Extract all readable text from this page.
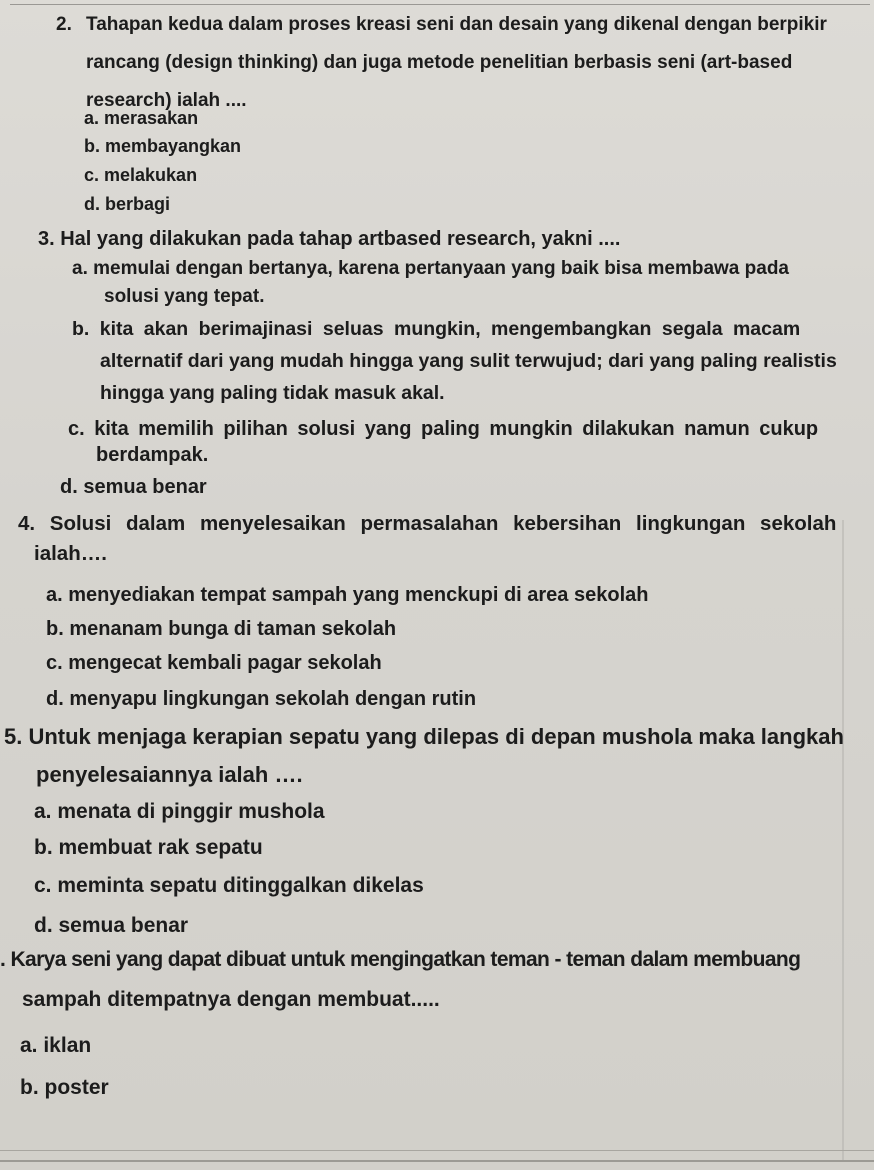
2. Tahapan kedua dalam proses kreasi seni dan desain yang dikenal dengan berpikir
rancang (design thinking) dan juga metode penelitian berbasis seni (art-based
research) ialah ....
a. merasakan
b. membayangkan
c. melakukan
d. berbagi
3. Hal yang dilakukan pada tahap artbased research, yakni ....
a. memulai dengan bertanya, karena pertanyaan yang baik bisa membawa pada
solusi yang tepat.
b. kita akan berimajinasi seluas mungkin, mengembangkan segala macam
alternatif dari yang mudah hingga yang sulit terwujud; dari yang paling realistis
hingga yang paling tidak masuk akal.
c. kita memilih pilihan solusi yang paling mungkin dilakukan namun cukup
berdampak.
d. semua benar
4. Solusi dalam menyelesaikan permasalahan kebersihan lingkungan sekolah
ialah….
a. menyediakan tempat sampah yang menckupi di area sekolah
b. menanam bunga di taman sekolah
c. mengecat kembali pagar sekolah
d. menyapu lingkungan sekolah dengan rutin
5. Untuk menjaga kerapian sepatu yang dilepas di depan mushola maka langkah
penyelesaiannya ialah ….
a. menata di pinggir mushola
b. membuat rak sepatu
c. meminta sepatu ditinggalkan dikelas
d. semua benar
. Karya seni yang dapat dibuat untuk mengingatkan teman - teman dalam membuang
sampah ditempatnya dengan membuat.....
a. iklan
b. poster
